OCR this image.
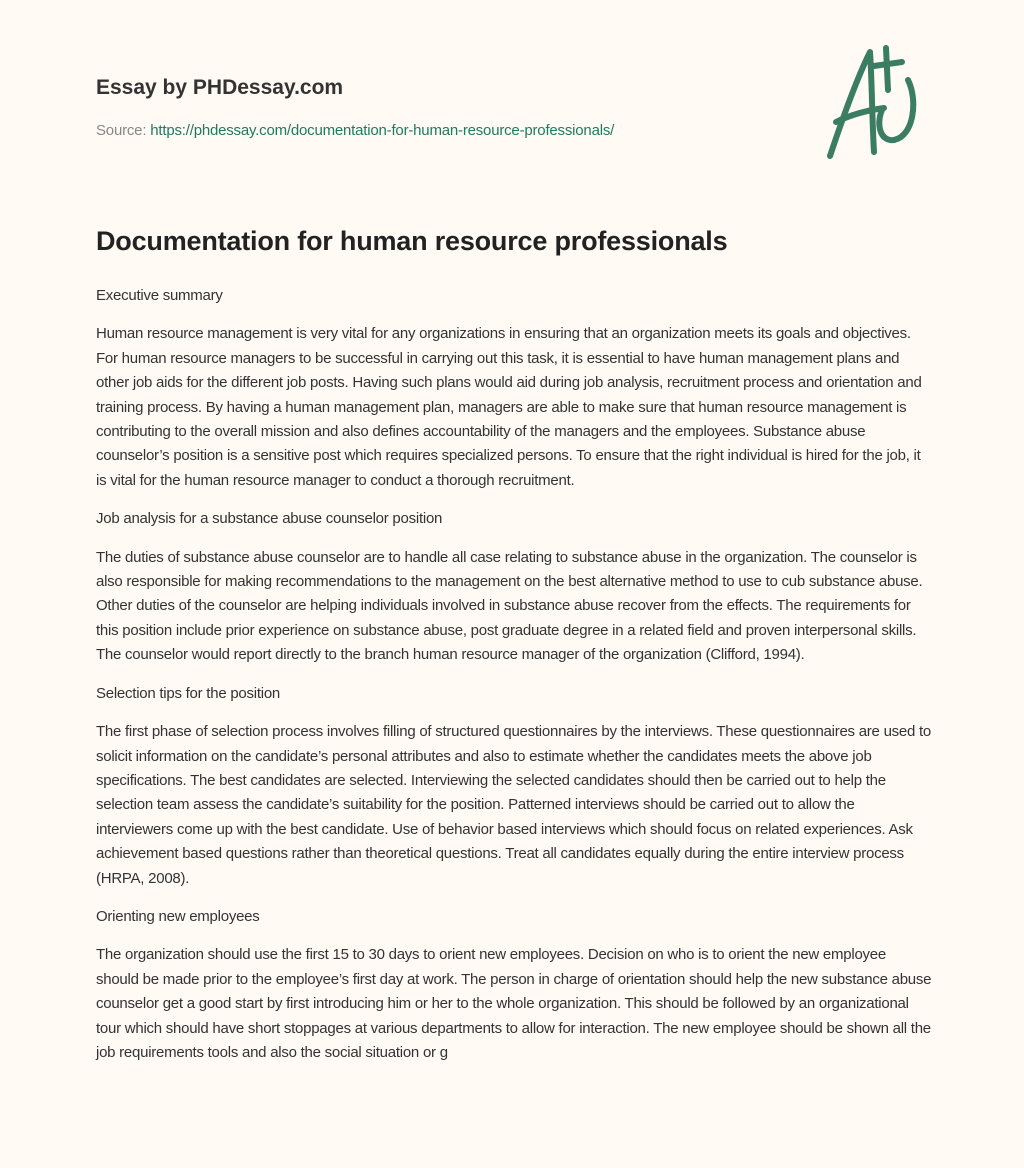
Essay by PHDessay.com

Source: https://phdessay.com/documentation-for-human-resource-professionals/
Documentation for human resource professionals

Executive summary

Human resource management is very vital for any organizations in ensuring that an organization meets its goals and objectives. For human resource managers to be successful in carrying out this task, it is essential to have human management plans and other job aids for the different job posts. Having such plans would aid during job analysis, recruitment process and orientation and training process. By having a human management plan, managers are able to make sure that human resource management is contributing to the overall mission and also defines accountability of the managers and the employees. Substance abuse counselor’s position is a sensitive post which requires specialized persons. To ensure that the right individual is hired for the job, it is vital for the human resource manager to conduct a thorough recruitment.

Job analysis for a substance abuse counselor position

The duties of substance abuse counselor are to handle all case relating to substance abuse in the organization. The counselor is also responsible for making recommendations to the management on the best alternative method to use to cub substance abuse. Other duties of the counselor are helping individuals involved in substance abuse recover from the effects. The requirements for this position include prior experience on substance abuse, post graduate degree in a related field and proven interpersonal skills. The counselor would report directly to the branch human resource manager of the organization (Clifford, 1994).

Selection tips for the position

The first phase of selection process involves filling of structured questionnaires by the interviews. These questionnaires are used to solicit information on the candidate’s personal attributes and also to estimate whether the candidates meets the above job specifications. The best candidates are selected. Interviewing the selected candidates should then be carried out to help the selection team assess the candidate’s suitability for the position. Patterned interviews should be carried out to allow the interviewers come up with the best candidate. Use of behavior based interviews which should focus on related experiences. Ask achievement based questions rather than theoretical questions. Treat all candidates equally during the entire interview process (HRPA, 2008).

Orienting new employees

The organization should use the first 15 to 30 days to orient new employees. Decision on who is to orient the new employee should be made prior to the employee’s first day at work. The person in charge of orientation should help the new substance abuse counselor get a good start by first introducing him or her to the whole organization. This should be followed by an organizational tour which should have short stoppages at various departments to allow for interaction. The new employee should be shown all the job requirements tools and also the social situation or g
